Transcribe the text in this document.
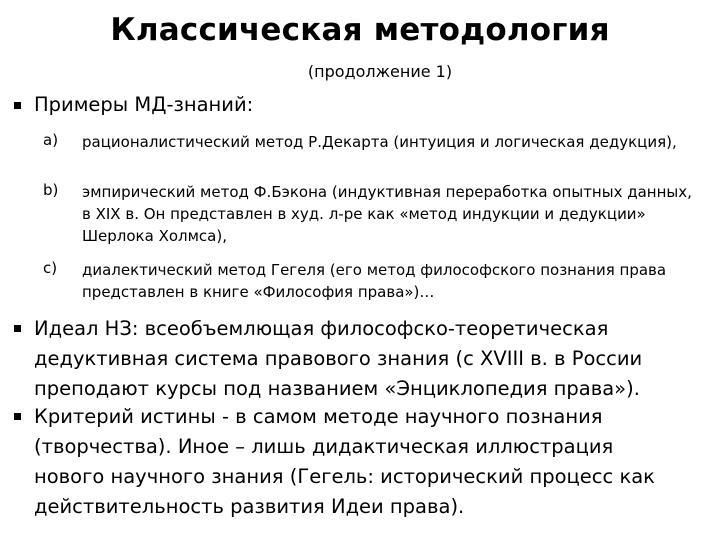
Классическая методология
(продолжение 1)
Примеры МД-знаний:
a) рационалистический метод Р.Декарта (интуиция и логическая дедукция),
b) эмпирический метод Ф.Бэкона (индуктивная переработка опытных данных, в XIX в. Он представлен в худ. л-ре как «метод индукции и дедукции» Шерлока Холмса),
c) диалектический метод Гегеля (его метод философского познания права представлен в книге «Философия права»)…
Идеал НЗ: всеобъемлющая философско-теоретическая дедуктивная система правового знания (с XVIII в. в России преподают курсы под названием «Энциклопедия права»).
Критерий истины - в самом методе научного познания (творчества). Иное – лишь дидактическая иллюстрация нового научного знания (Гегель: исторический процесс как действительность развития Идеи права).
